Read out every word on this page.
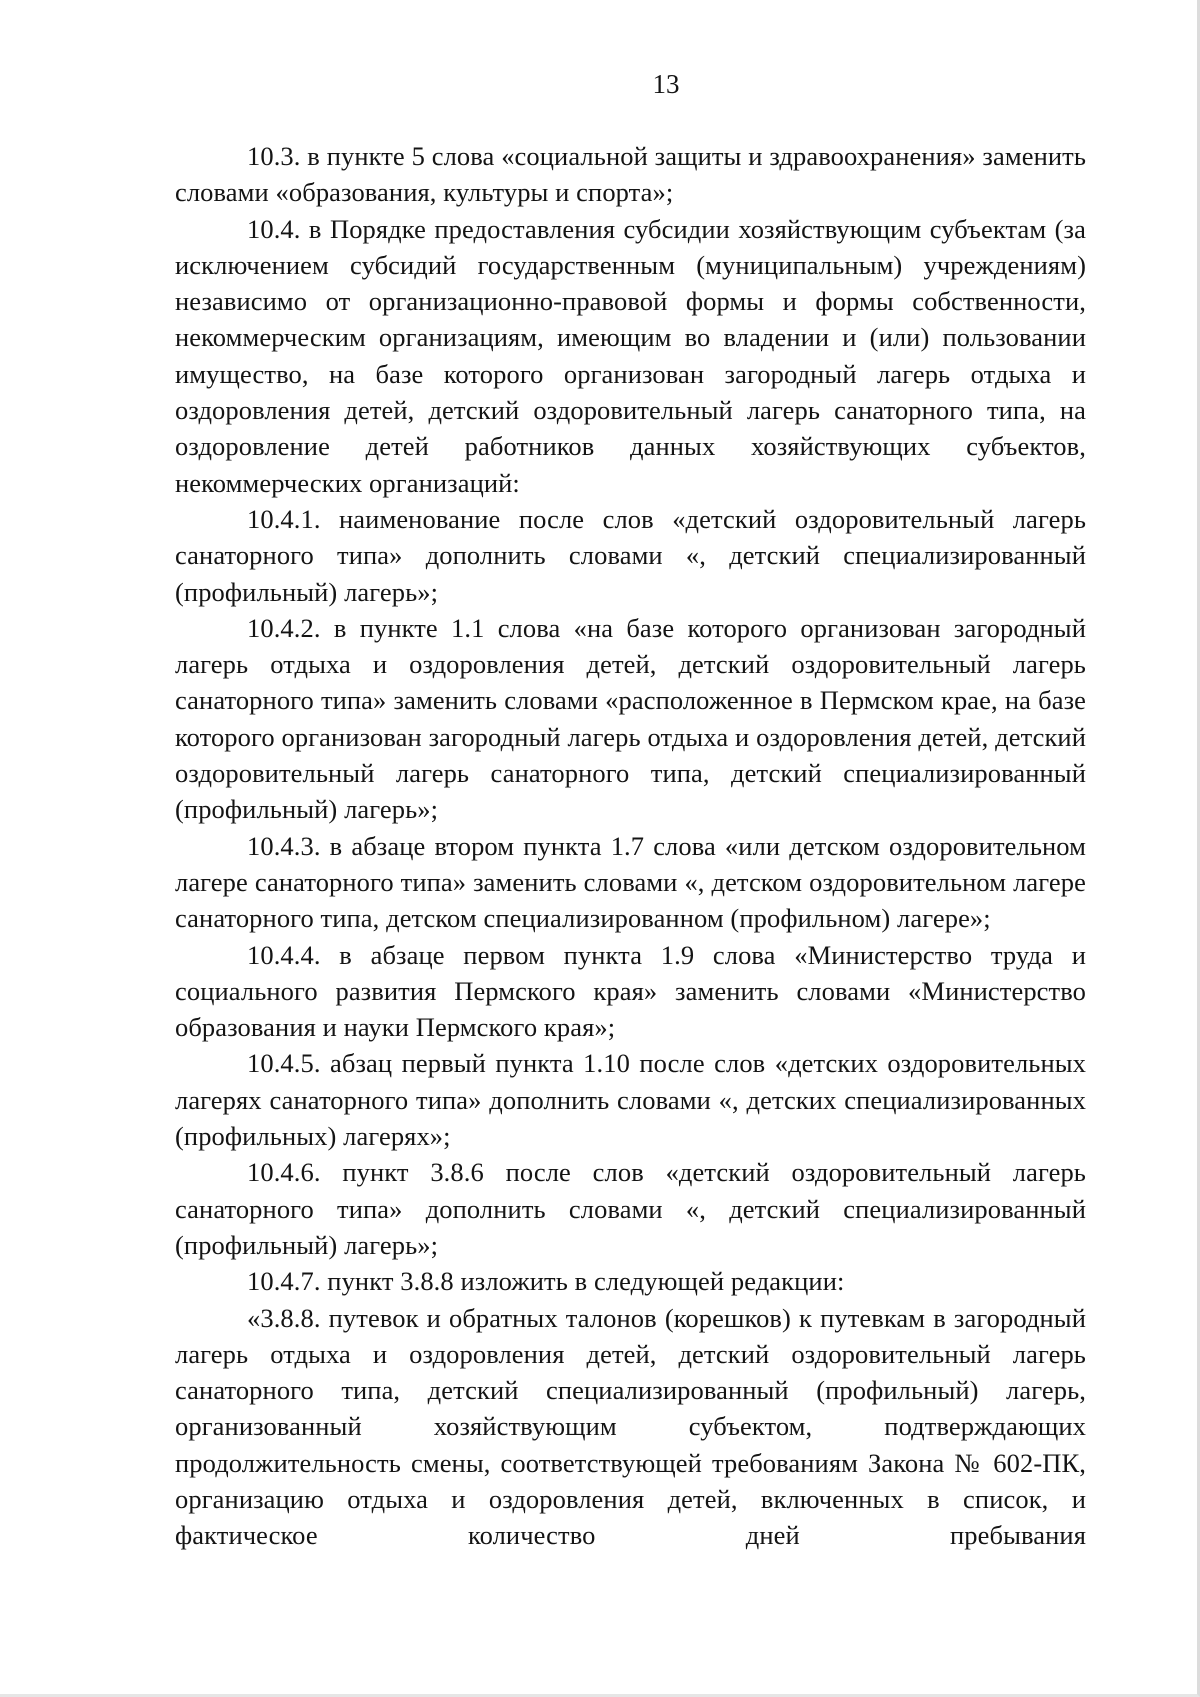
13

10.3. в пункте 5 слова «социальной защиты и здравоохранения» заменить словами «образования, культуры и спорта»;

10.4. в Порядке предоставления субсидии хозяйствующим субъектам (за исключением субсидий государственным (муниципальным) учреждениям) независимо от организационно-правовой формы и формы собственности, некоммерческим организациям, имеющим во владении и (или) пользовании имущество, на базе которого организован загородный лагерь отдыха и оздоровления детей, детский оздоровительный лагерь санаторного типа, на оздоровление детей работников данных хозяйствующих субъектов, некоммерческих организаций:

10.4.1. наименование после слов «детский оздоровительный лагерь санаторного типа» дополнить словами «, детский специализированный (профильный) лагерь»;

10.4.2. в пункте 1.1 слова «на базе которого организован загородный лагерь отдыха и оздоровления детей, детский оздоровительный лагерь санаторного типа» заменить словами «расположенное в Пермском крае, на базе которого организован загородный лагерь отдыха и оздоровления детей, детский оздоровительный лагерь санаторного типа, детский специализированный (профильный) лагерь»;

10.4.3. в абзаце втором пункта 1.7 слова «или детском оздоровительном лагере санаторного типа» заменить словами «, детском оздоровительном лагере санаторного типа, детском специализированном (профильном) лагере»;

10.4.4. в абзаце первом пункта 1.9 слова «Министерство труда и социального развития Пермского края» заменить словами «Министерство образования и науки Пермского края»;

10.4.5. абзац первый пункта 1.10 после слов «детских оздоровительных лагерях санаторного типа» дополнить словами «, детских специализированных (профильных) лагерях»;

10.4.6. пункт 3.8.6 после слов «детский оздоровительный лагерь санаторного типа» дополнить словами «, детский специализированный (профильный) лагерь»;

10.4.7. пункт 3.8.8 изложить в следующей редакции:

«3.8.8. путевок и обратных талонов (корешков) к путевкам в загородный лагерь отдыха и оздоровления детей, детский оздоровительный лагерь санаторного типа, детский специализированный (профильный) лагерь, организованный хозяйствующим субъектом, подтверждающих продолжительность смены, соответствующей требованиям Закона № 602-ПК, организацию отдыха и оздоровления детей, включенных в список, и фактическое количество дней пребывания
